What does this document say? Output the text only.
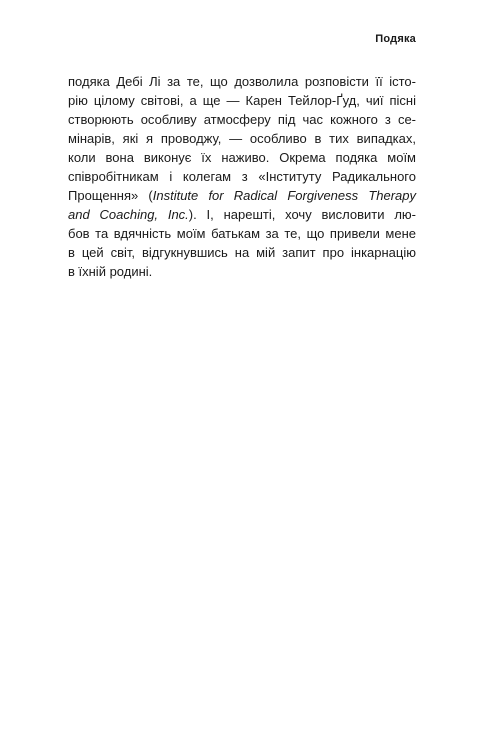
Подяка
подяка Дебі Лі за те, що дозволила розповісти її істо-
рію цілому світові, а ще — Карен Тейлор-Ґуд, чиї пісні
створюють особливу атмосферу під час кожного з се-
мінарів, які я проводжу, — особливо в тих випадках,
коли вона виконує їх наживо. Окрема подяка моїм
співробітникам і колегам з «Інституту Радикального
Прощення» (Institute for Radical Forgiveness Therapy
and Coaching, Inc.). І, нарешті, хочу висловити лю-
бов та вдячність моїм батькам за те, що привели мене
в цей світ, відгукнувшись на мій запит про інкарнацію
в їхній родині.
